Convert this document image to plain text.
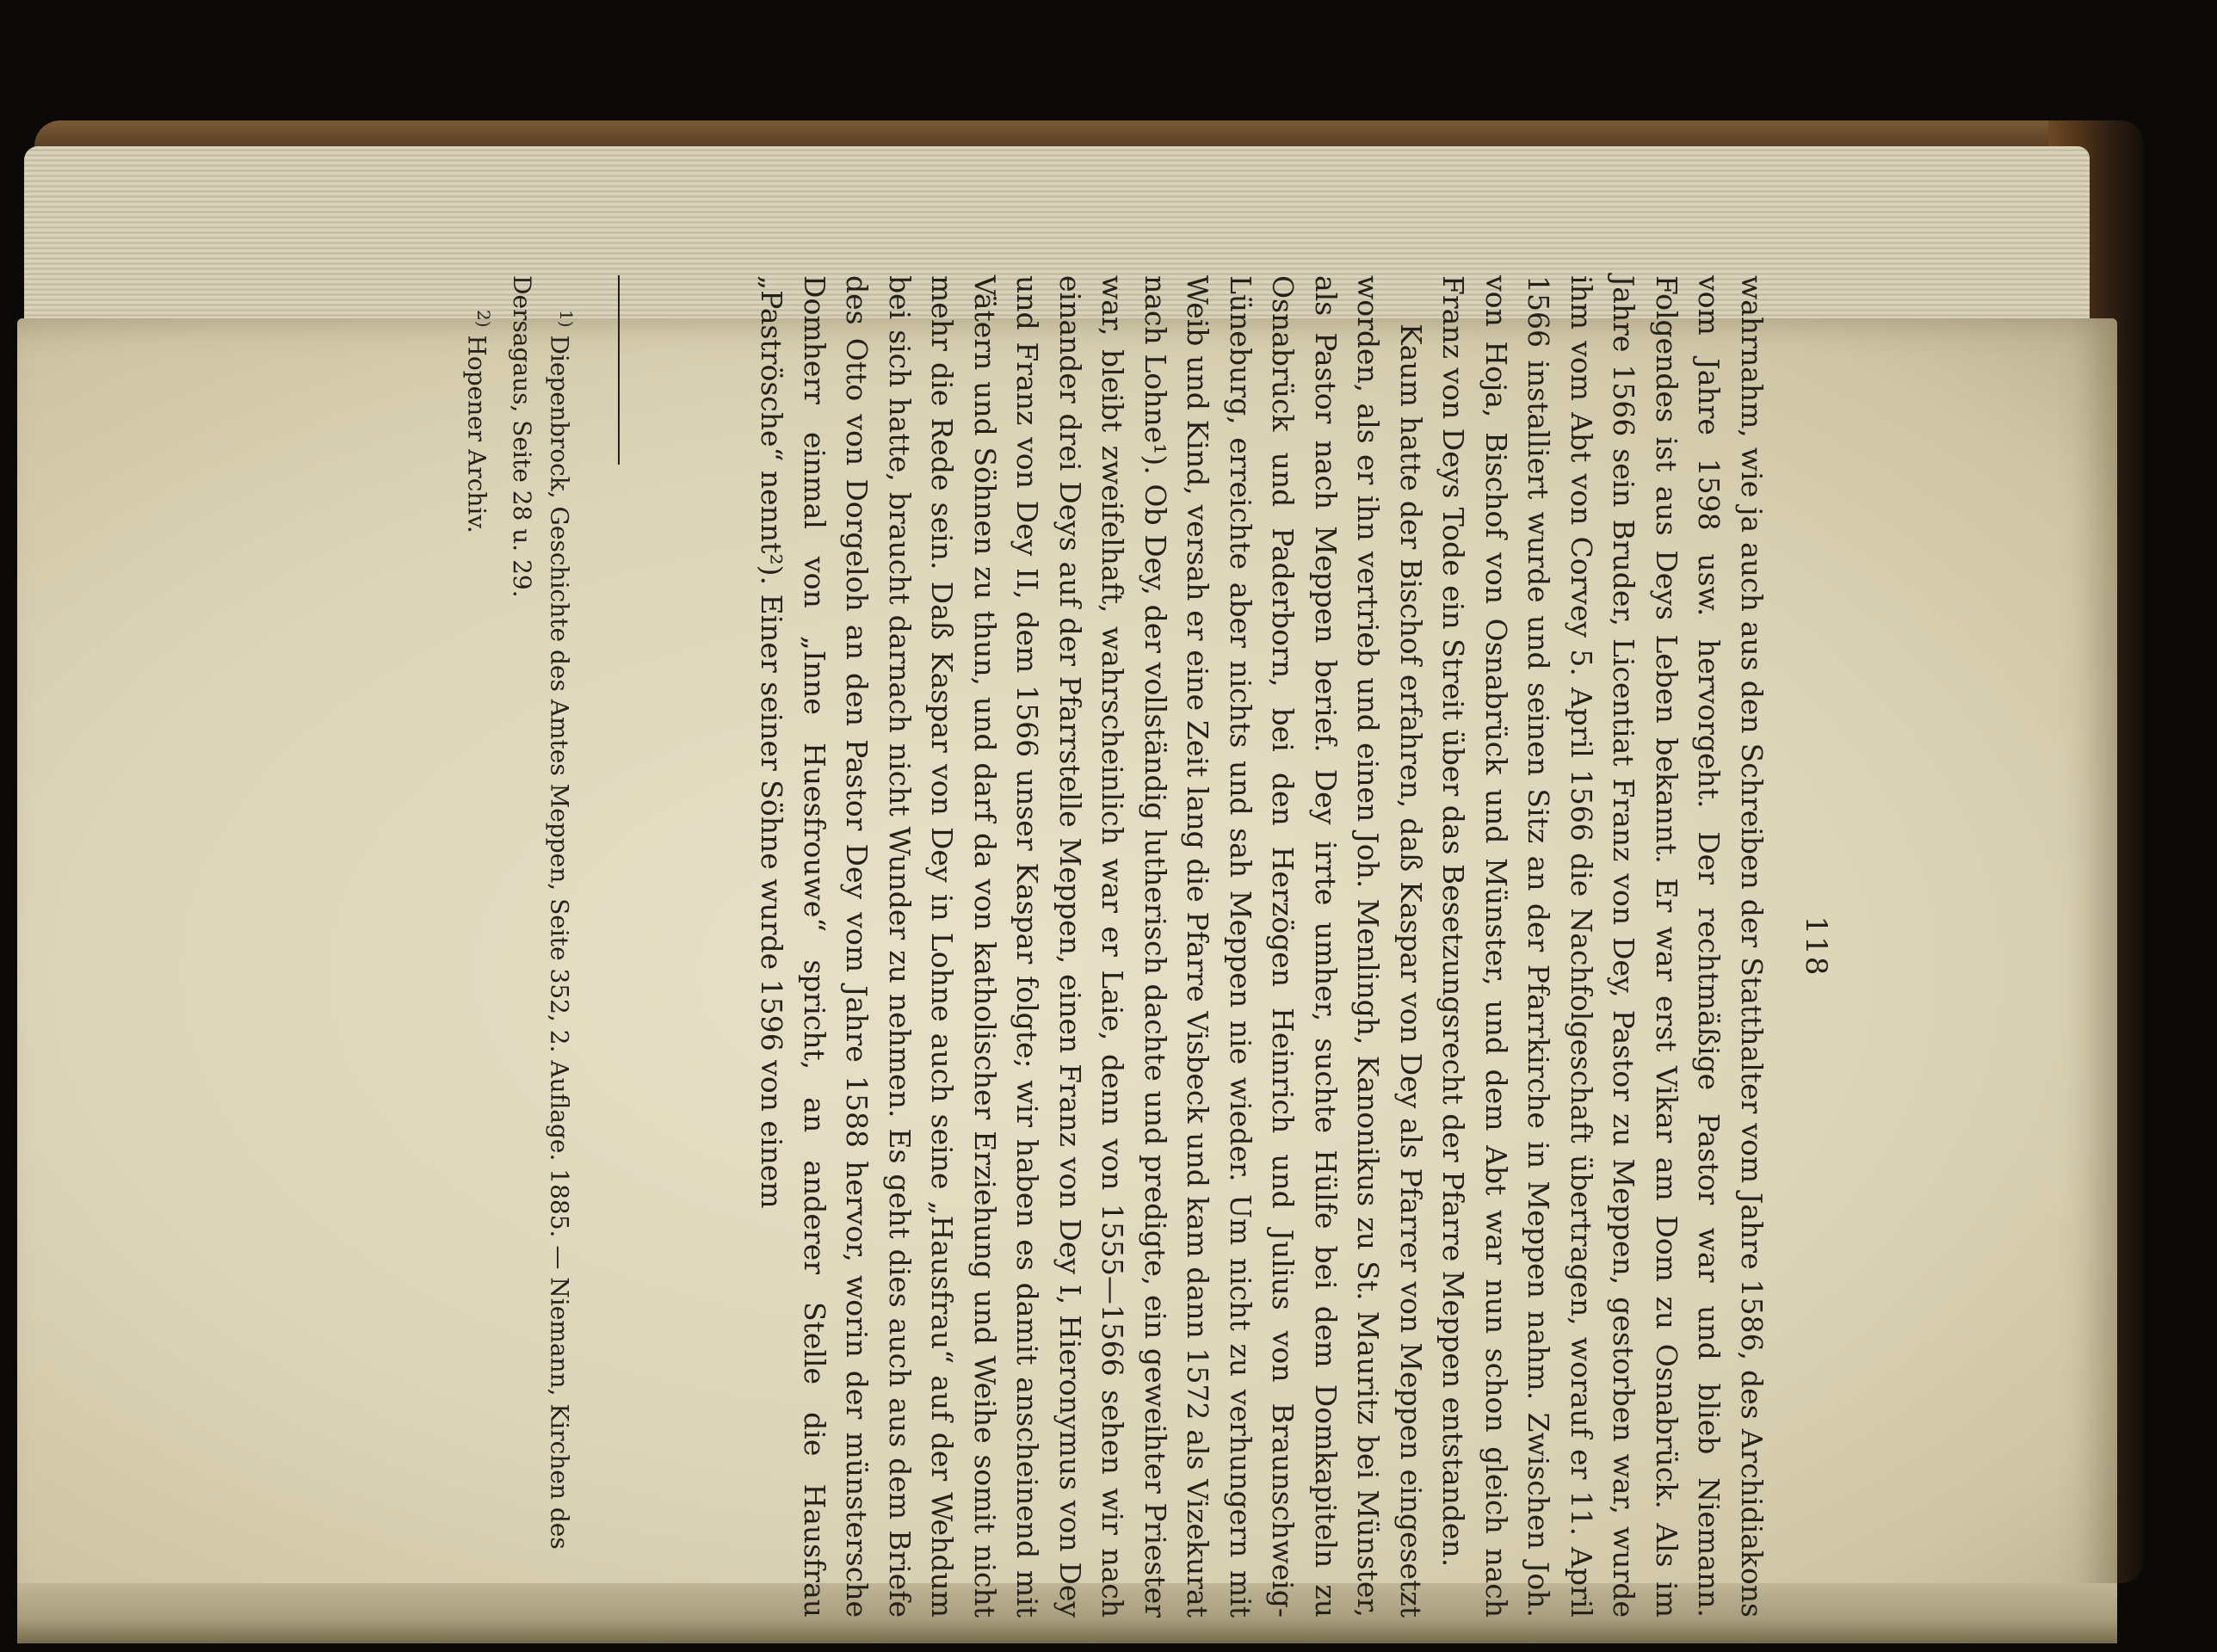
118

wahrnahm, wie ja auch aus den Schreiben der Statthalter vom Jahre 1586, des Archidiakons vom Jahre 1598 usw. hervorgeht. Der rechtmäßige Pastor war und blieb Niemann. Folgendes ist aus Deys Leben bekannt. Er war erst Vikar am Dom zu Osnabrück. Als im Jahre 1566 sein Bruder, Licentiat Franz von Dey, Pastor zu Meppen, gestorben war, wurde ihm vom Abt von Corvey 5. April 1566 die Nachfolgeschaft übertragen, worauf er 11. April 1566 installiert wurde und seinen Sitz an der Pfarrkirche in Meppen nahm. Zwischen Joh. von Hoja, Bischof von Osnabrück und Münster, und dem Abt war nun schon gleich nach Franz von Deys Tode ein Streit über das Besetzungsrecht der Pfarre Meppen entstanden.

Kaum hatte der Bischof erfahren, daß Kaspar von Dey als Pfarrer von Meppen eingesetzt worden, als er ihn vertrieb und einen Joh. Menlingh, Kanonikus zu St. Mauritz bei Münster, als Pastor nach Meppen berief. Dey irrte umher, suchte Hülfe bei dem Domkapiteln zu Osnabrück und Paderborn, bei den Herzögen Heinrich und Julius von Braunschweig-Lüneburg, erreichte aber nichts und sah Meppen nie wieder. Um nicht zu verhungern mit Weib und Kind, versah er eine Zeit lang die Pfarre Visbeck und kam dann 1572 als Vizekurat nach Lohne¹). Ob Dey, der vollständig lutherisch dachte und predigte, ein geweihter Priester war, bleibt zweifelhaft, wahrscheinlich war er Laie, denn von 1555—1566 sehen wir nach einander drei Deys auf der Pfarrstelle Meppen, einen Franz von Dey I, Hieronymus von Dey und Franz von Dey II, dem 1566 unser Kaspar folgte; wir haben es damit anscheinend mit Vätern und Söhnen zu thun, und darf da von katholischer Erziehung und Weihe somit nicht mehr die Rede sein. Daß Kaspar von Dey in Lohne auch seine „Hausfrau“ auf der Wehdum bei sich hatte, braucht darnach nicht Wunder zu nehmen. Es geht dies auch aus dem Briefe des Otto von Dorgeloh an den Pastor Dey vom Jahre 1588 hervor, worin der münstersche Domherr einmal von „Inne Huesfrouwe“ spricht, an anderer Stelle die Hausfrau „Paströsche“ nennt²). Einer seiner Söhne wurde 1596 von einem

$^{1)}$ Diepenbrock, Geschichte des Amtes Meppen, Seite 352, 2. Auflage. 1885. — Niemann, Kirchen des Dersagaus, Seite 28 u. 29.

$^{2)}$ Hopener Archiv.
